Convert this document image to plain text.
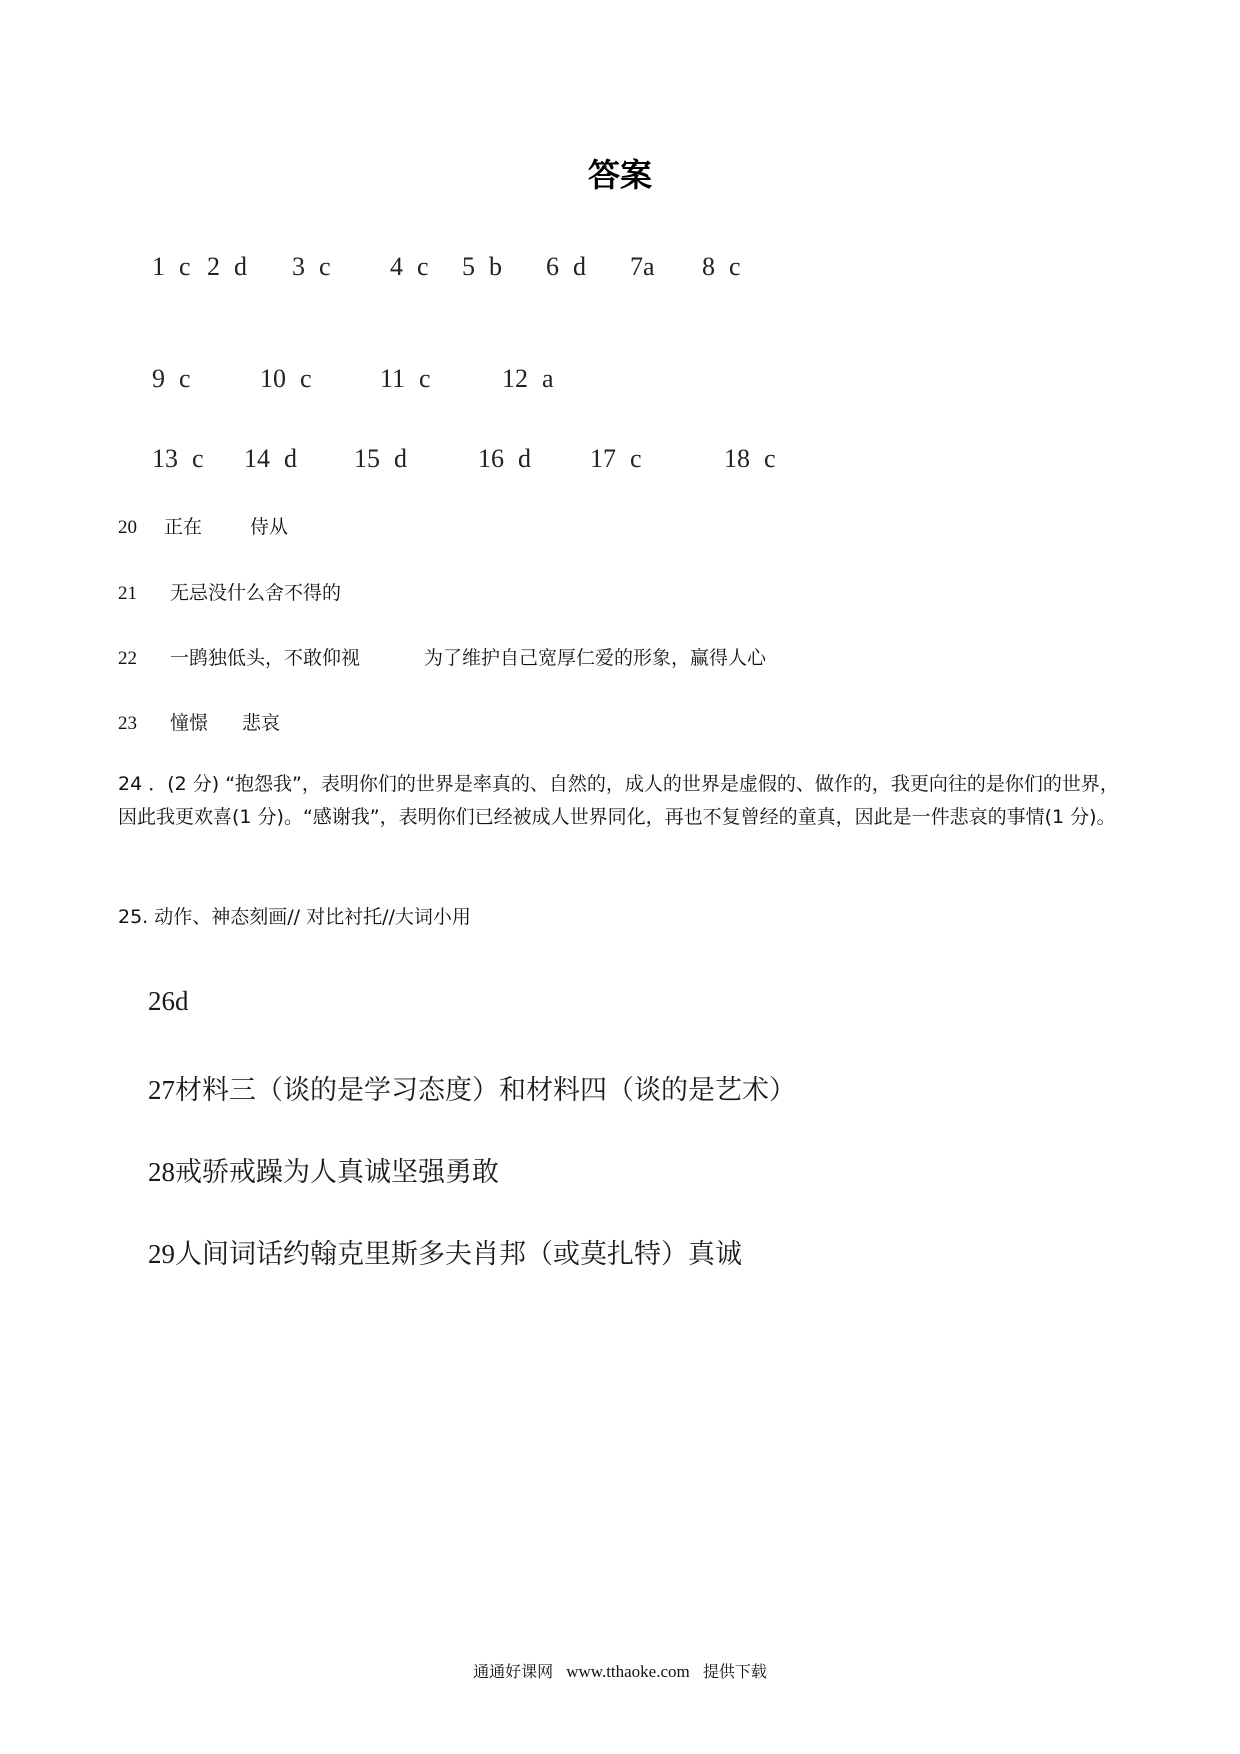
答案
1 c 2 d 3 c 4 c 5 b 6 d 7a 8 c
9 c	10 c	11 c	12 a
13 c 14 d 15 d	16 d 17 c	18 c
20 正在	侍从
21 无忌没什么舍不得的
22 一鹍独低头，不敢仰视	为了维护自己宽厚仁爱的形象，赢得人心
23 憧憬 悲哀
24 ．(2 分) “抱怨我”，表明你们的世界是率真的、自然的，成人的世界是虚假的、做作的，我更向往的是你们的世界，因此我更欢喜(1 分)。“感谢我”，表明你们已经被成人世界同化，再也不复曾经的童真，因此是一件悲哀的事情(1 分)。
25. 动作、神态刻画// 对比衬托//大词小用
26d
27材料三（谈的是学习态度）和材料四（谈的是艺术）
28戒骄戒躁为人真诚坚强勇敢
29人间词话约翰克里斯多夫肖邦（或莫扎特）真诚
通通好课网 www.tthaoke.com 提供下载
